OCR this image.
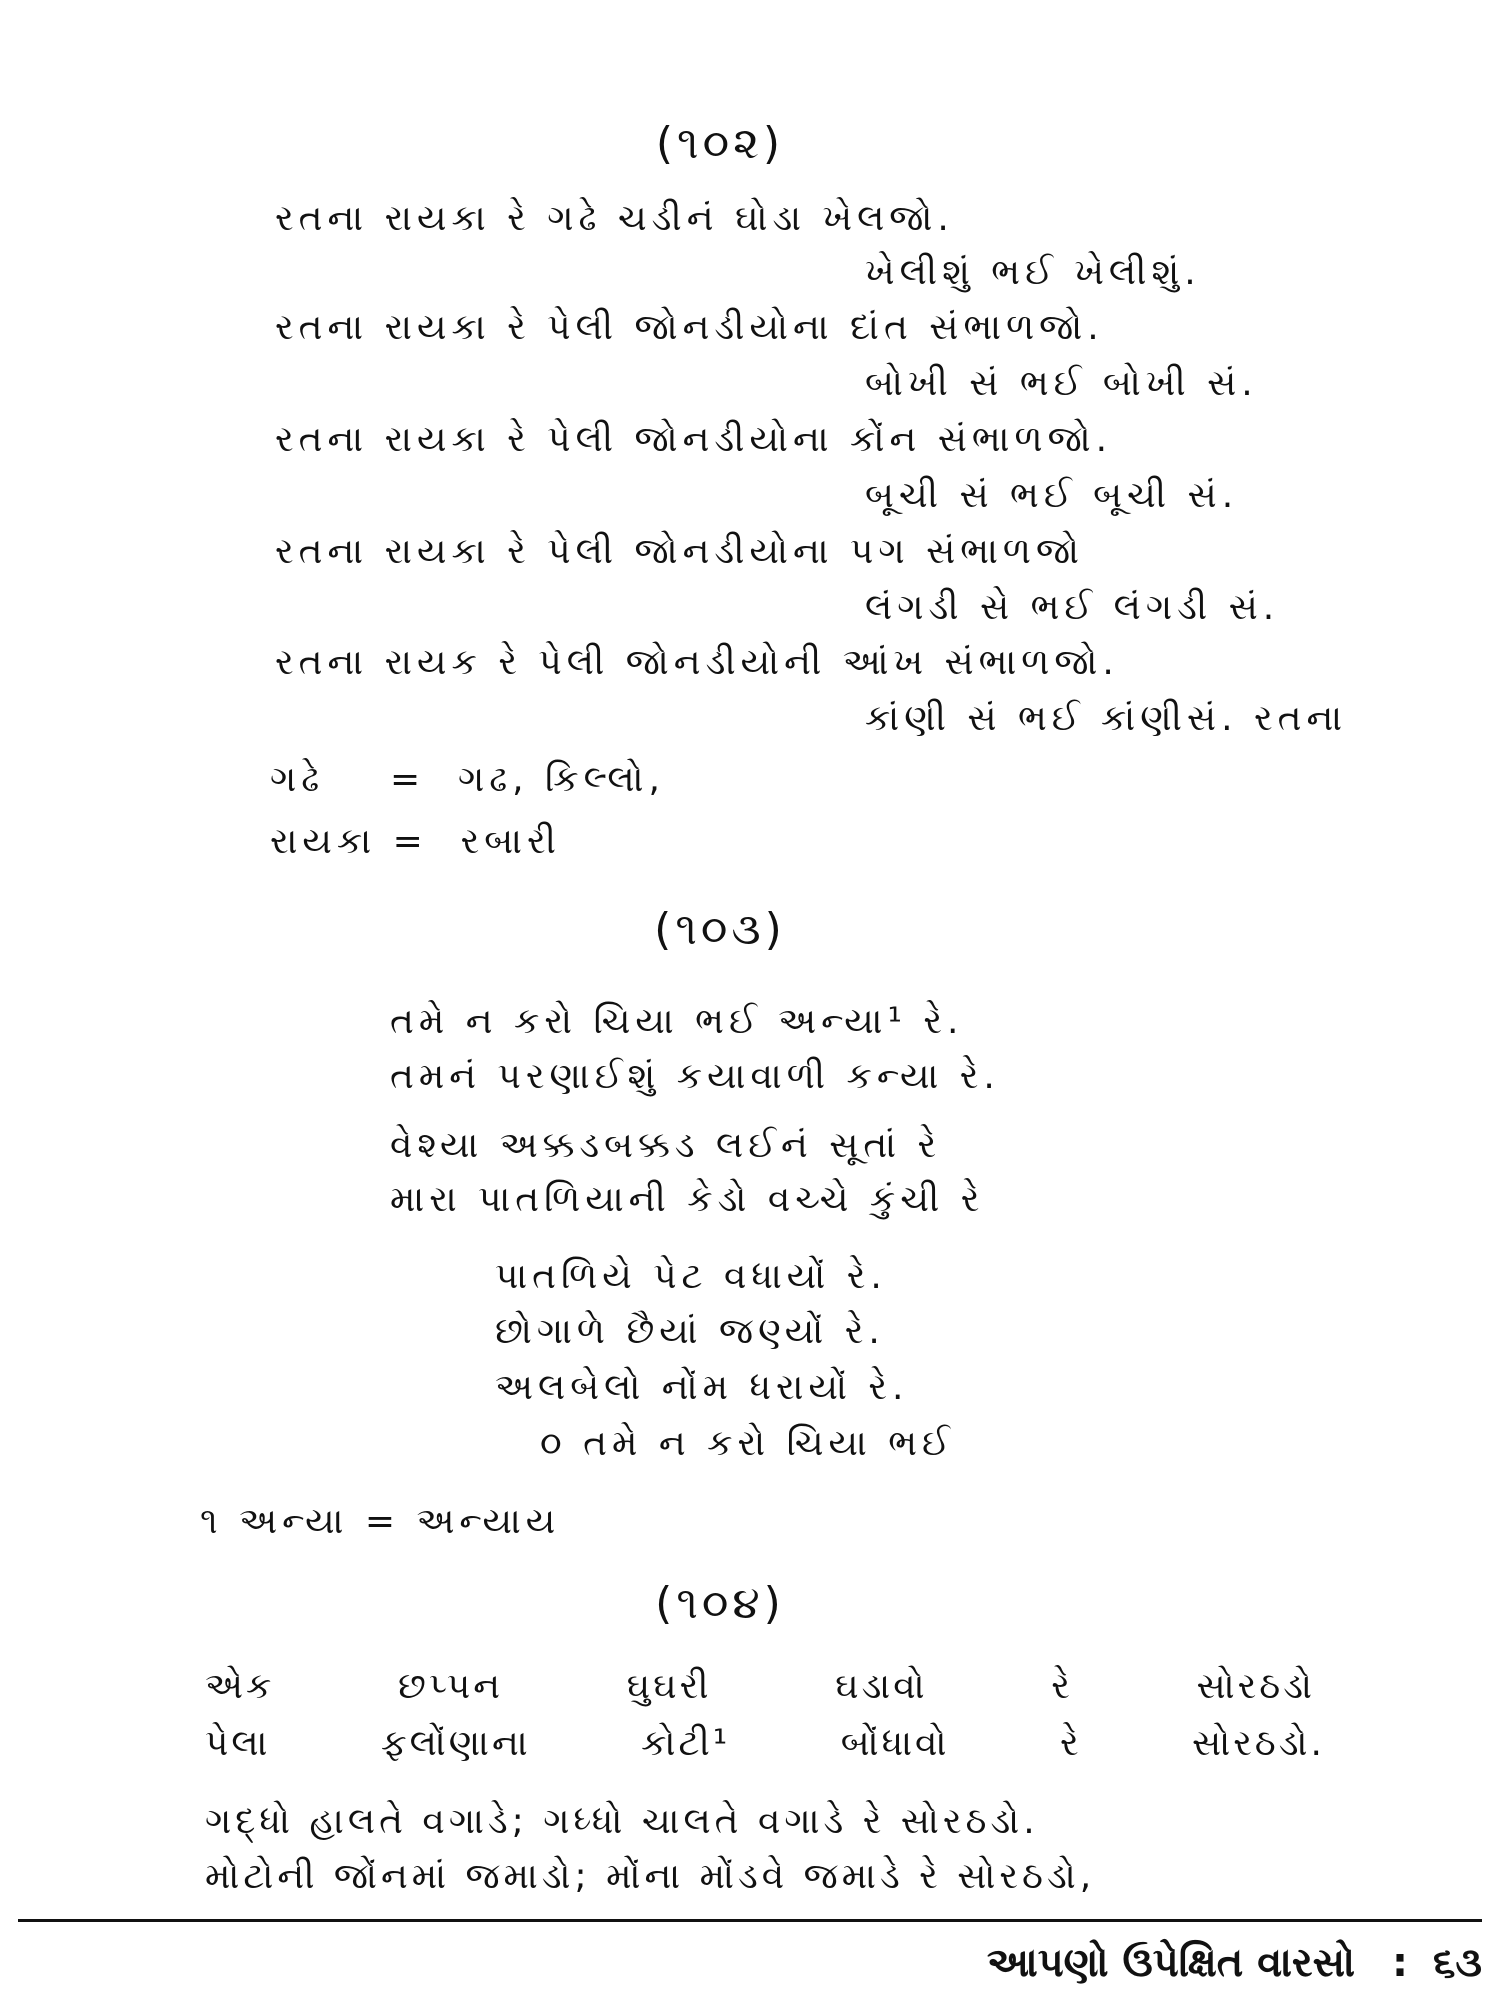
(૧૦૨)
રતના રાયકા રે ગઢે ચડીનં ઘોડા ખેલજો.
ખેલીશું ભઈ ખેલીશું.
રતના રાયકા રે પેલી જોનડીયોના દાંત સંભાળજો.
બોખી સં ભઈ બોખી સં.
રતના રાયકા રે પેલી જોનડીયોના કોંન સંભાળજો.
બૂચી સં ભઈ બૂચી સં.
રતના રાયકા રે પેલી જોનડીયોના પગ સંભાળજો
લંગડી સે ભઈ લંગડી સં.
રતના રાયક રે પેલી જોનડીયોની આંખ સંભાળજો.
કાંણી સં ભઈ કાંણીસં. રતના
ગઢે    =  ગઢ, કિલ્લો,
રાયકા =  રબારી
(૧૦૩)
તમે ન કરો ચિયા ભઈ અન્યા¹ રે.
તમનં પરણાઈશું કયાવાળી કન્યા રે.
વેશ્યા અક્કડબક્કડ લઈનં સૂતાં રે
મારા પાતળિયાની કેડો વચ્ચે કુંચી રે
પાતળિયે પેટ વધાયોં રે.
છોગાળે છૈયાં જણ્યોં રે.
અલબેલો નોંમ ધરાયોં રે.
૦ તમે ન કરો ચિયા ભઈ
૧ અન્યા = અન્યાય
(૧૦૪)
એક	છપ્પન	ઘુઘરી	ઘડાવો	રે	સોરઠડો
પેલા	ફલોંણાના	કોટી¹	બોંધાવો	રે	સોરઠડો.
ગદ્ધો હાલતે વગાડે; ગધ્ધો ચાલતે વગાડે રે સોરઠડો.
મોટોની જોંનમાં જમાડો; મોંના મોંડવે જમાડે રે સોરઠડો,
આપણો ઉપેક્ષિત વારસો : ૬૩
